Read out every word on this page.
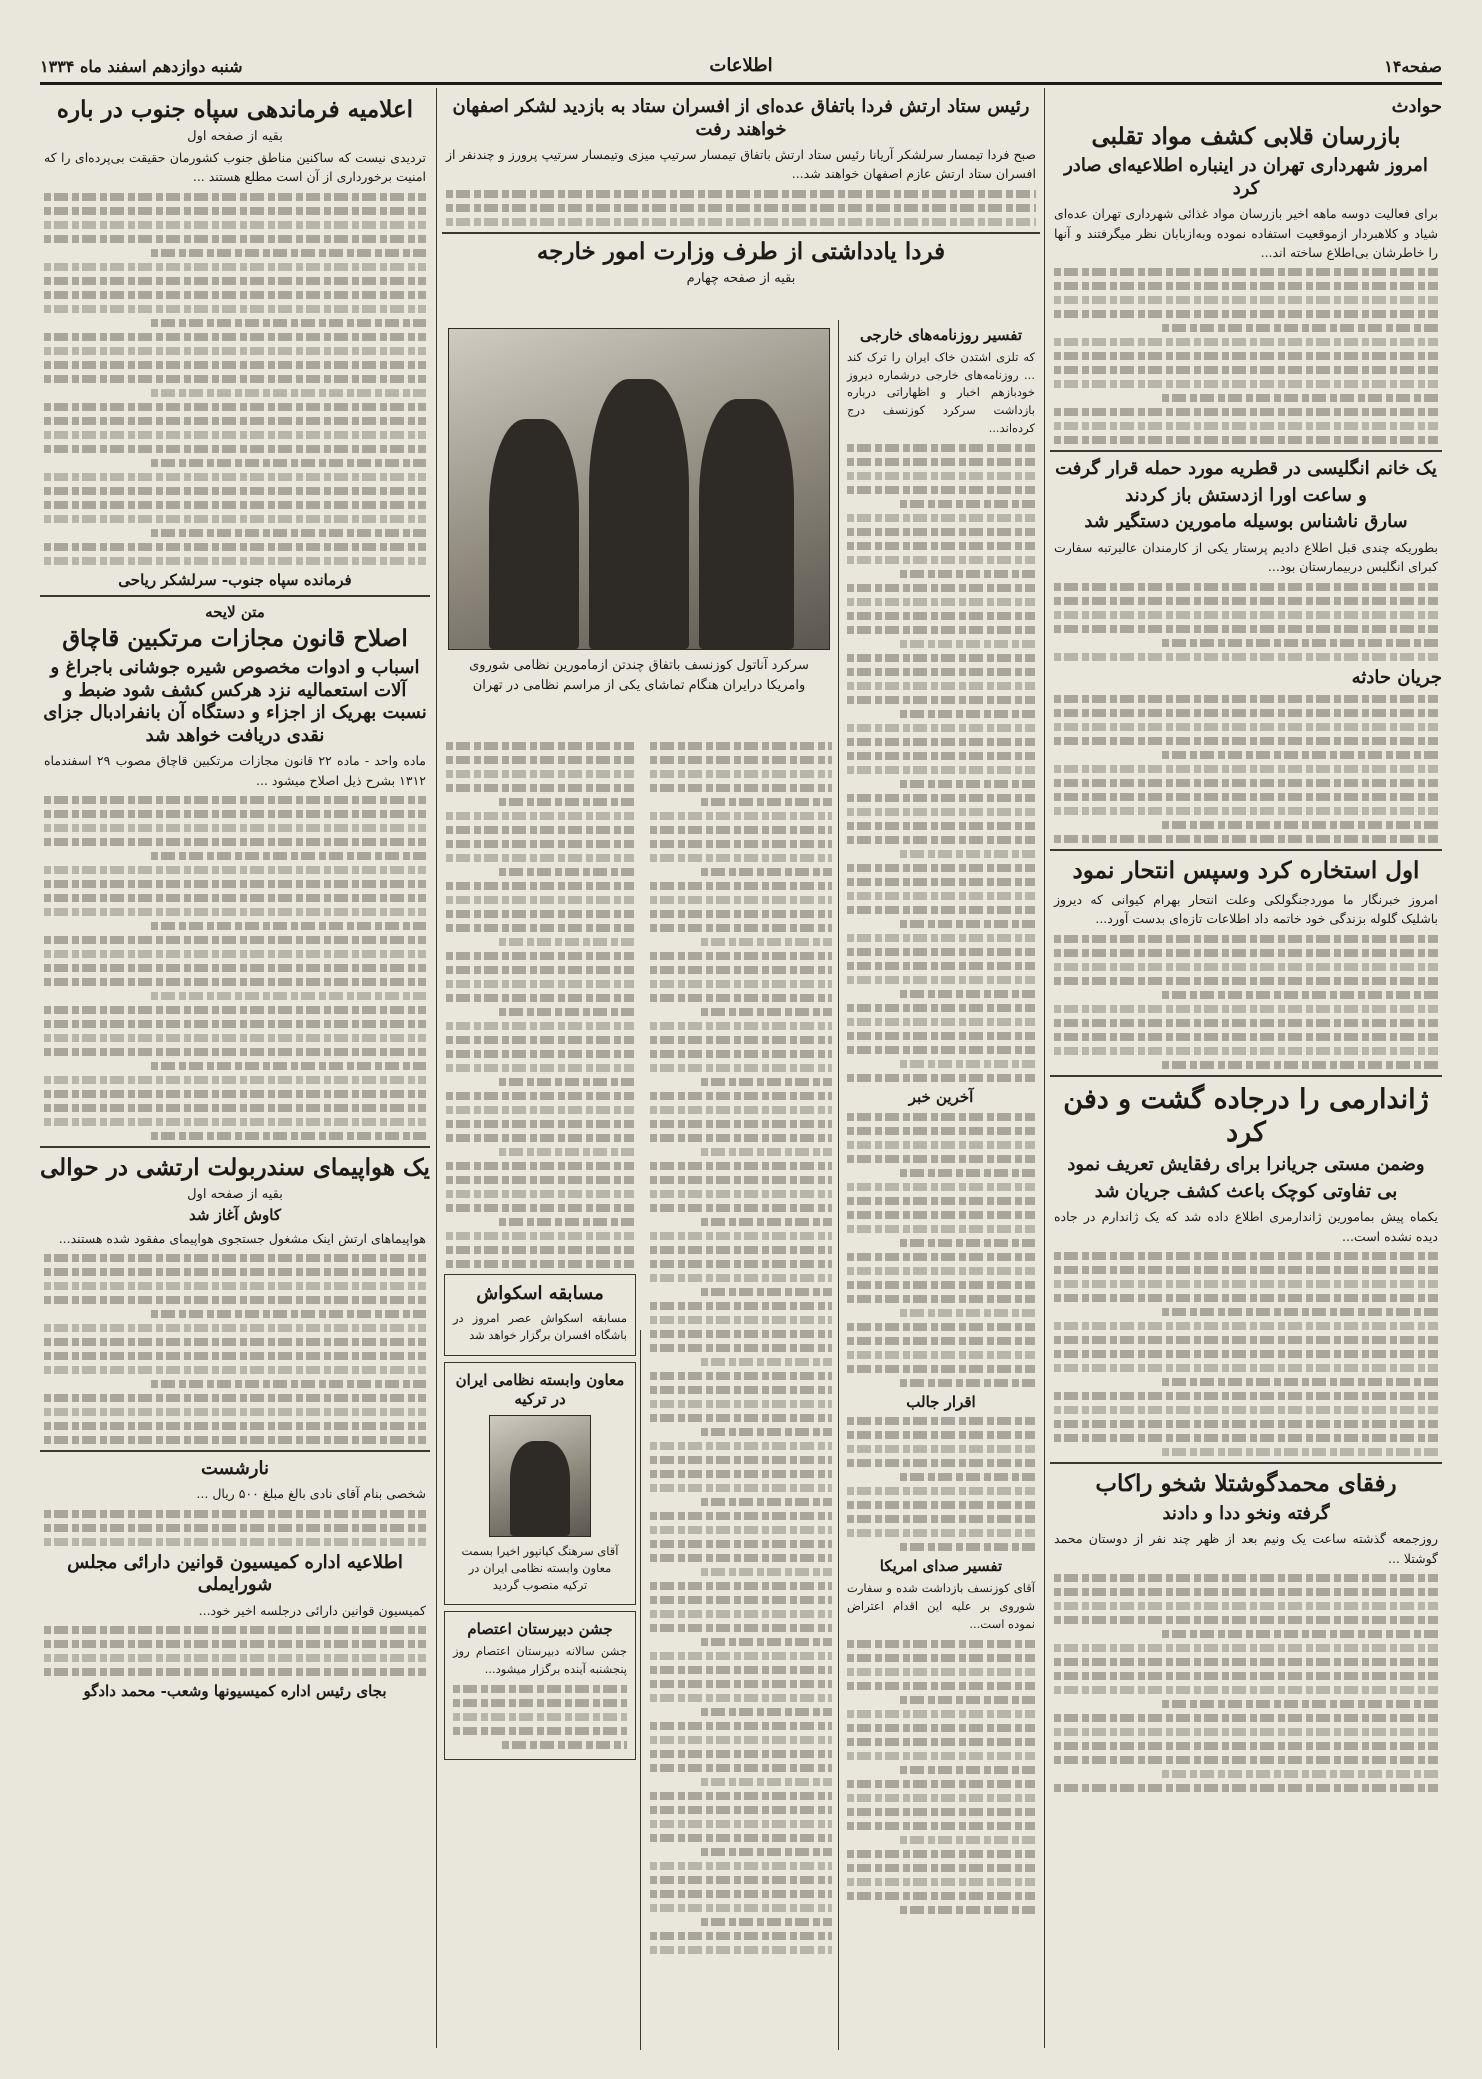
صفحه۱۴
اطلاعات
شنبه دوازدهم اسفند ماه ۱۳۳۴
حوادث
بازرسان قلابی کشف مواد تقلبی
امروز شهرداری تهران در اینباره اطلاعیه‌ای صادر کرد
برای فعالیت دوسه ماهه اخیر بازرسان مواد غذائی شهرداری تهران عده‌ای شیاد و کلاهبردار ازموقعیت استفاده نموده وبه‌ازبابان نظر میگرفتند و آنها را خاطرشان بی‌اطلاع ساخته اند...
یک خانم انگلیسی در قطریه مورد حمله قرار گرفت
و ساعت اورا ازدستش باز کردند
سارق ناشناس بوسیله مامورین دستگیر شد
بطوریکه چندی قبل اطلاع دادیم پرستار یکی از کارمندان عالیرتبه سفارت کبرای انگلیس دربیمارستان بود...
جریان حادثه
اول استخاره کرد وسپس انتحار نمود
امروز خبرنگار ما موردجنگولکی وعلت انتحار بهرام کیوانی که دیروز باشلیک گلوله بزندگی خود خاتمه داد اطلاعات تازه‌ای بدست آورد...
ژاندارمی را درجاده گشت و دفن کرد
وضمن مستی جریانرا برای رفقایش تعریف نمود
بی تفاوتی کوچک باعث کشف جریان شد
یکماه پیش بمامورین ژاندارمری اطلاع داده شد که یک ژاندارم در جاده دیده نشده است...
رفقای محمدگوشتلا شخو راکاب
گرفته ونخو ددا و دادند
روزجمعه گذشته ساعت یک ونیم بعد از ظهر چند نفر از دوستان محمد گوشتلا ...
رئیس ستاد ارتش فردا باتفاق عده‌ای از افسران ستاد به بازدید لشکر اصفهان خواهند رفت
صبح فردا تیمسار سرلشکر آریانا رئیس ستاد ارتش باتفاق تیمسار سرتیپ میزی وتیمسار سرتیپ پرورز و چندنفر از افسران ستاد ارتش عازم اصفهان خواهند شد...
فردا یادداشتی از طرف وزارت امور خارجه
بقیه از صفحه چهارم
تفسیر روزنامه‌های خارجی
که تلزی اشتدن خاک ایران را ترک کند ... روزنامه‌های خارجی درشماره دیروز خودبازهم اخبار و اظهاراتی درباره بازداشت سرکرد کوزنسف درج کرده‌اند...
آخرین خبر
اقرار جالب
تفسیر صدای امریکا
آقای کوزنسف بازداشت شده و سفارت شوروی بر علیه این اقدام اعتراض نموده است...
سرکرد آناتول کوزنسف باتفاق چندتن ازمامورین نظامی شوروی وامریکا درایران هنگام تماشای یکی از مراسم نظامی در تهران
مسابقه اسکواش
مسابقه اسکواش عصر امروز در باشگاه افسران برگزار خواهد شد
معاون وابسته نظامی ایران در ترکیه
آقای سرهنگ کیانپور اخیرا بسمت معاون وابسته نظامی ایران در ترکیه منصوب گردید
جشن دبیرستان اعتصام
جشن سالانه دبیرستان اعتصام روز پنجشنبه آینده برگزار میشود...
اعلامیه فرماندهی سپاه جنوب در باره
بقیه از صفحه اول
تردیدی نیست که ساکنین مناطق جنوب کشورمان حقیقت بی‌پرده‌ای را که امنیت برخورداری از آن است مطلع هستند ...
فرمانده سپاه جنوب- سرلشکر ریاحی
متن لایحه
اصلاح قانون مجازات مرتکبین قاچاق
اسباب و ادوات مخصوص شیره جوشانی باجراغ و آلات استعمالیه نزد هرکس کشف شود ضبط و نسبت بهریک از اجزاء و دستگاه آن بانفرادبال جزای نقدی دریافت خواهد شد
ماده واحد - ماده ۲۲ قانون مجازات مرتکبین قاچاق مصوب ۲۹ اسفندماه ۱۳۱۲ بشرح ذیل اصلاح میشود ...
یک هواپیمای سندربولت ارتشی در حوالی
بقیه از صفحه اول
کاوش آغاز شد
هواپیماهای ارتش اینک مشغول جستجوی هواپیمای مفقود شده هستند...
نارشست
شخصی بنام آقای نادی بالغ مبلغ ۵۰۰ ریال ...
اطلاعیه اداره کمیسیون قوانین دارائی مجلس شورایملی
کمیسیون قوانین دارائی درجلسه اخیر خود...
بجای رئیس اداره کمیسیونها وشعب- محمد دادگو
